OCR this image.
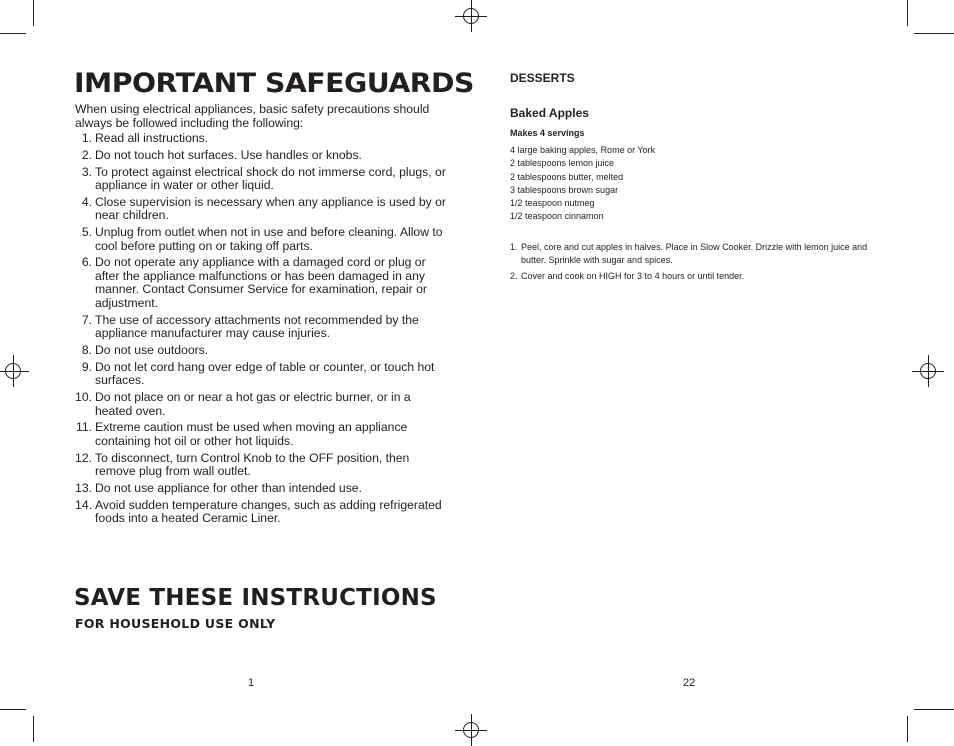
IMPORTANT SAFEGUARDS

When using electrical appliances, basic safety precautions should always be followed including the following:

1. Read all instructions.
2. Do not touch hot surfaces. Use handles or knobs.
3. To protect against electrical shock do not immerse cord, plugs, or appliance in water or other liquid.
4. Close supervision is necessary when any appliance is used by or near children.
5. Unplug from outlet when not in use and before cleaning. Allow to cool before putting on or taking off parts.
6. Do not operate any appliance with a damaged cord or plug or after the appliance malfunctions or has been damaged in any manner. Contact Consumer Service for examination, repair or adjustment.
7. The use of accessory attachments not recommended by the appliance manufacturer may cause injuries.
8. Do not use outdoors.
9. Do not let cord hang over edge of table or counter, or touch hot surfaces.
10. Do not place on or near a hot gas or electric burner, or in a heated oven.
11. Extreme caution must be used when moving an appliance containing hot oil or other hot liquids.
12. To disconnect, turn Control Knob to the OFF position, then remove plug from wall outlet.
13. Do not use appliance for other than intended use.
14. Avoid sudden temperature changes, such as adding refrigerated foods into a heated Ceramic Liner.
SAVE THESE INSTRUCTIONS
FOR HOUSEHOLD USE ONLY
1
DESSERTS
Baked Apples
Makes 4 servings
4 large baking apples, Rome or York
2 tablespoons lemon juice
2 tablespoons butter, melted
3 tablespoons brown sugar
1/2 teaspoon nutmeg
1/2 teaspoon cinnamon
1. Peel, core and cut apples in halves. Place in Slow Cooker. Drizzle with lemon juice and butter. Sprinkle with sugar and spices.
2. Cover and cook on HIGH for 3 to 4 hours or until tender.
22
